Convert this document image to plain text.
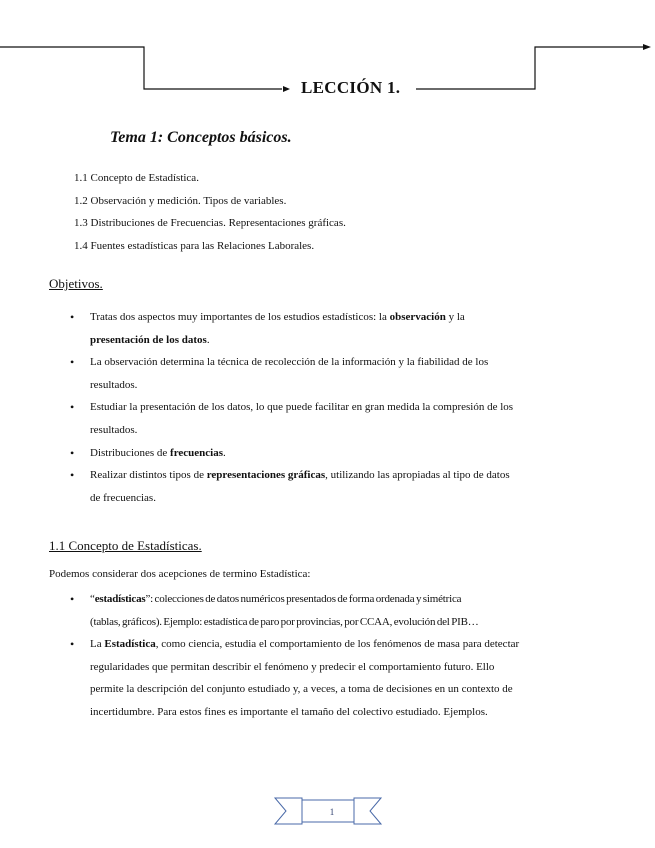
LECCIÓN 1.
Tema 1: Conceptos básicos.
1.1 Concepto de Estadística.
1.2 Observación y medición. Tipos de variables.
1.3 Distribuciones de Frecuencias. Representaciones gráficas.
1.4 Fuentes estadísticas para las Relaciones Laborales.
Objetivos.
• Tratas dos aspectos muy importantes de los estudios estadísticos: la observación y la
presentación de los datos.
• La observación determina la técnica de recolección de la información y la fiabilidad de los
resultados.
• Estudiar la presentación de los datos, lo que puede facilitar en gran medida la compresión de los
resultados.
• Distribuciones de frecuencias.
• Realizar distintos tipos de representaciones gráficas, utilizando las apropiadas al tipo de datos
de frecuencias.
1.1 Concepto de Estadísticas.
Podemos considerar dos acepciones de termino Estadística:
• “estadísticas”: colecciones de datos numéricos presentados de forma ordenada y simétrica
(tablas, gráficos). Ejemplo: estadística de paro por provincias, por CCAA, evolución del PIB…
• La Estadística, como ciencia, estudia el comportamiento de los fenómenos de masa para detectar
regularidades que permitan describir el fenómeno y predecir el comportamiento futuro. Ello
permite la descripción del conjunto estudiado y, a veces, a toma de decisiones en un contexto de
incertidumbre. Para estos fines es importante el tamaño del colectivo estudiado. Ejemplos.
1
